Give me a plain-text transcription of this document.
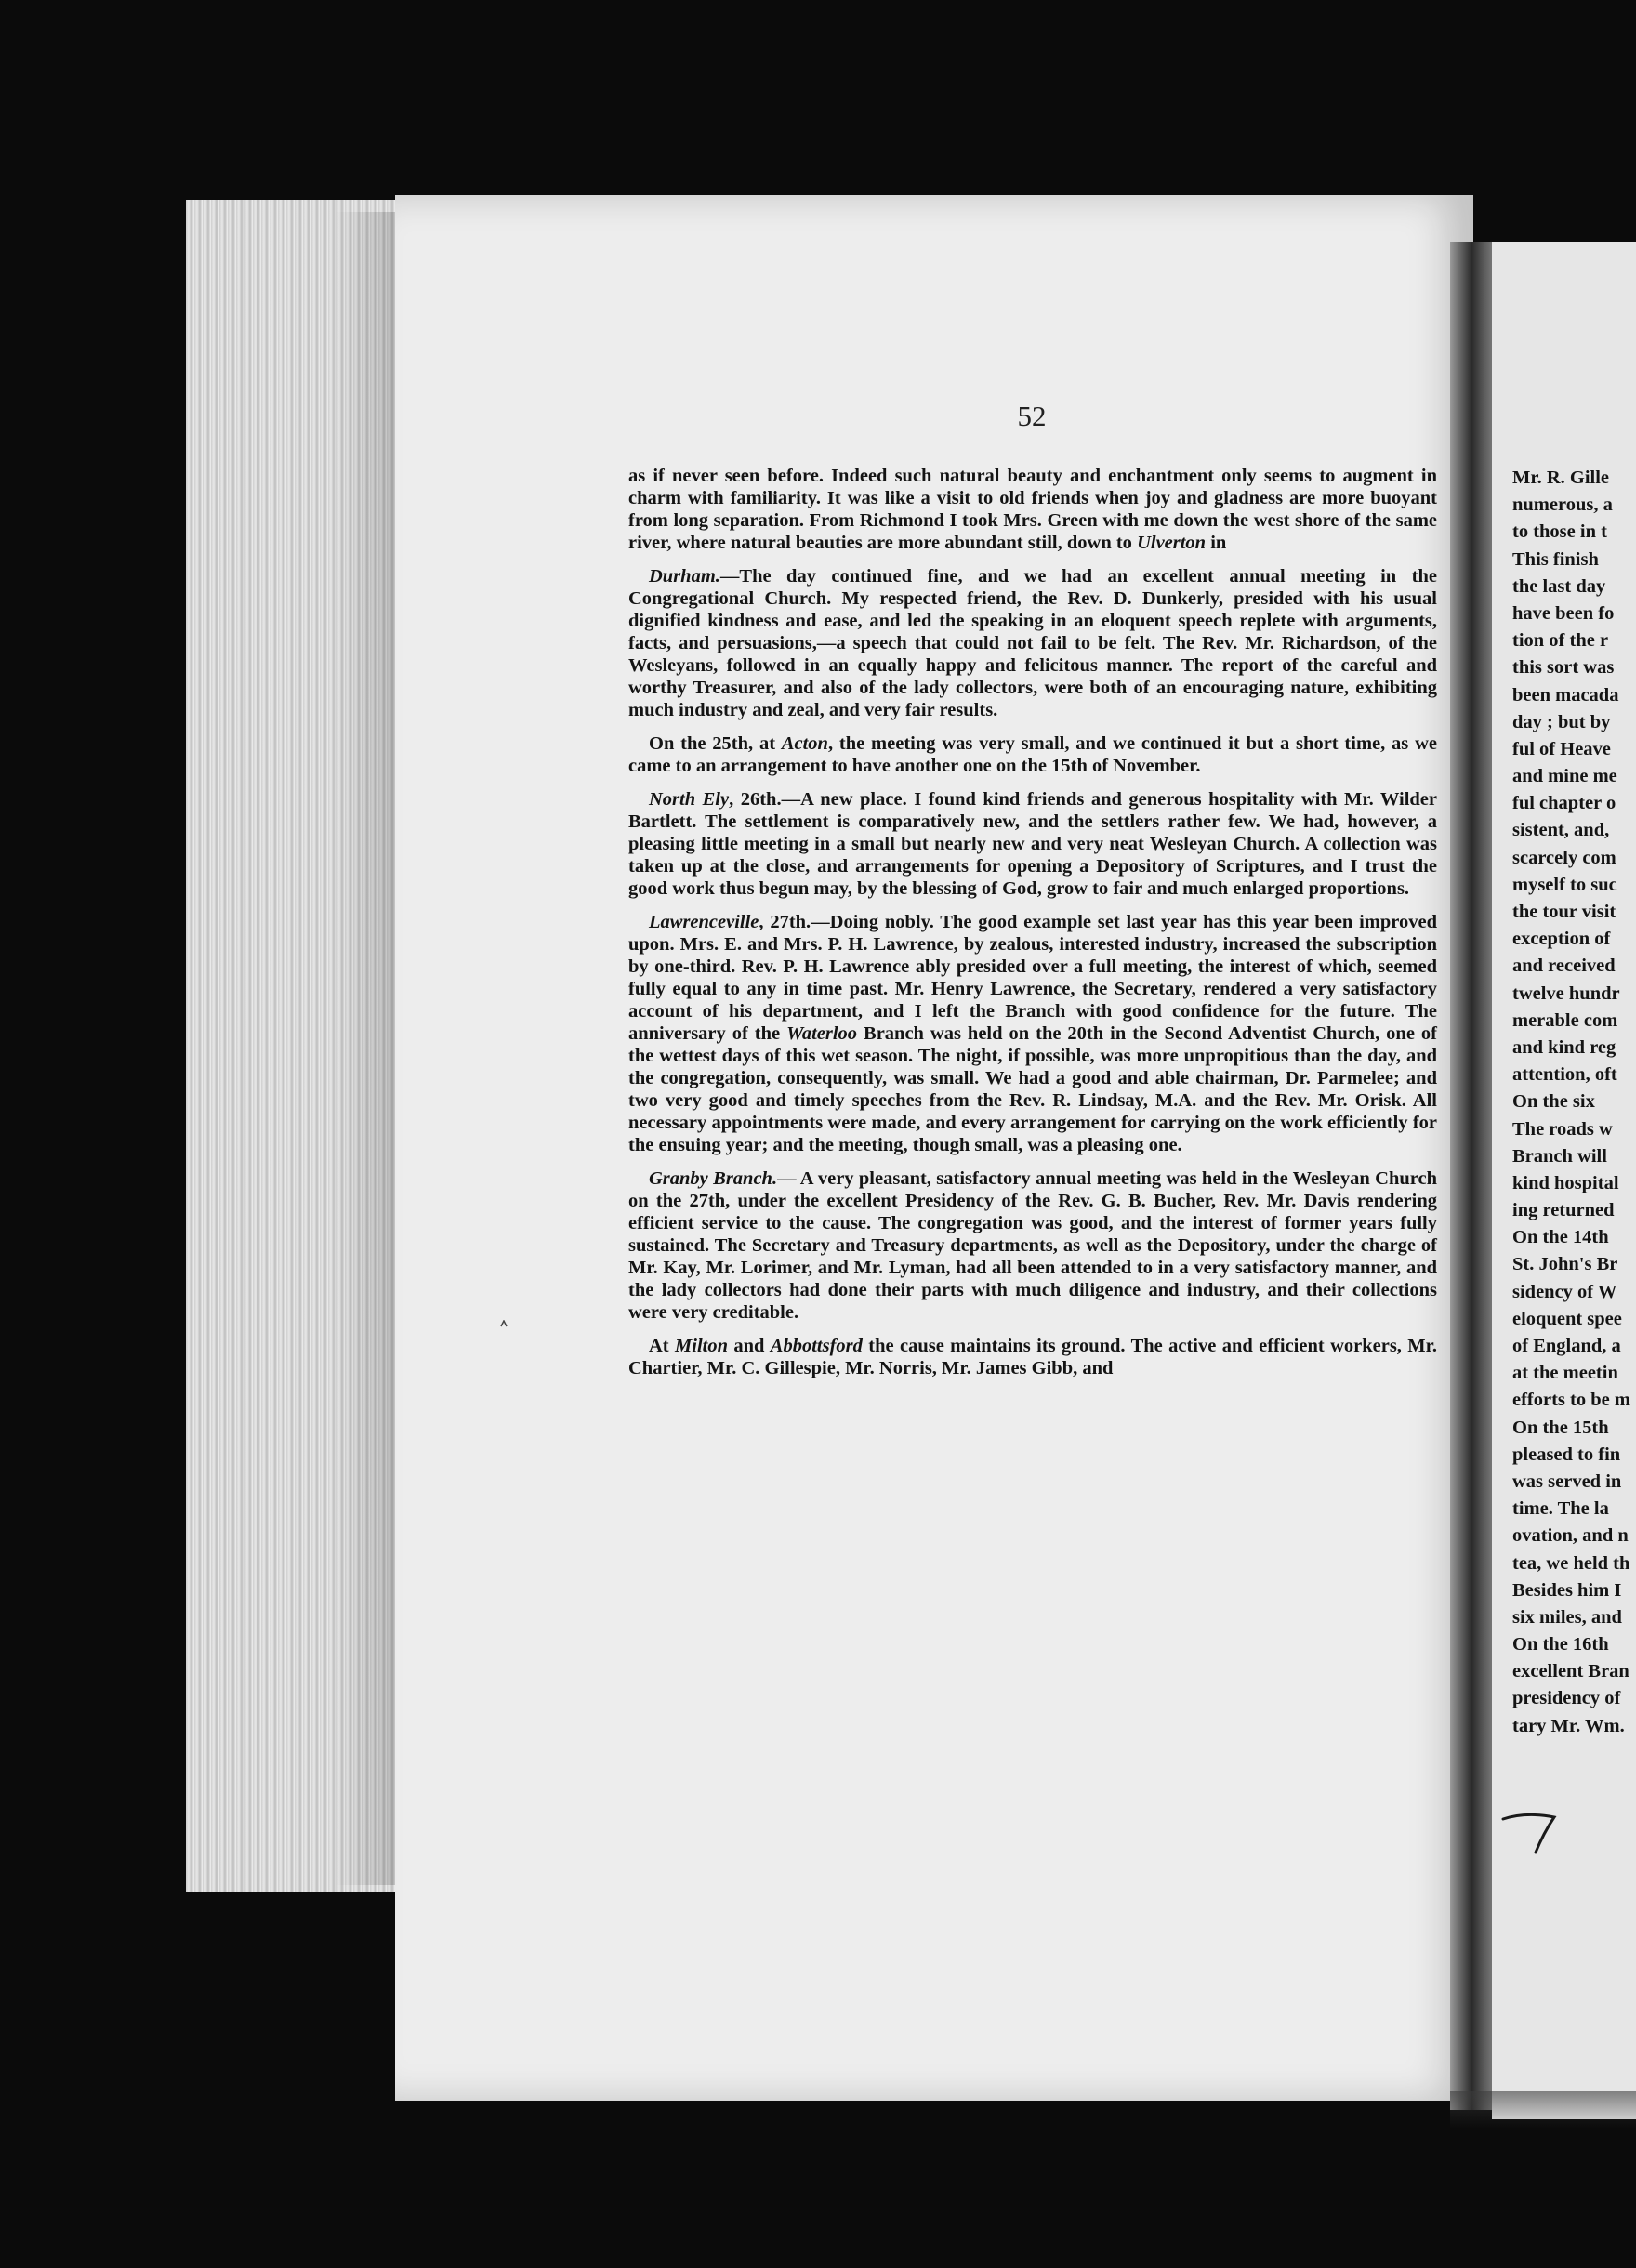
52

as if never seen before. Indeed such natural beauty and enchantment only seems to augment in charm with familiarity. It was like a visit to old friends when joy and gladness are more buoyant from long separation. From Richmond I took Mrs. Green with me down the west shore of the same river, where natural beauties are more abundant still, down to Ulverton in

Durham.—The day continued fine, and we had an excellent annual meeting in the Congregational Church. My respected friend, the Rev. D. Dunkerly, presided with his usual dignified kindness and ease, and led the speaking in an eloquent speech replete with arguments, facts, and persuasions,—a speech that could not fail to be felt. The Rev. Mr. Richardson, of the Wesleyans, followed in an equally happy and felicitous manner. The report of the careful and worthy Treasurer, and also of the lady collectors, were both of an encouraging nature, exhibiting much industry and zeal, and very fair results.

On the 25th, at Acton, the meeting was very small, and we continued it but a short time, as we came to an arrangement to have another one on the 15th of November.

North Ely, 26th.—A new place. I found kind friends and generous hospitality with Mr. Wilder Bartlett. The settlement is comparatively new, and the settlers rather few. We had, however, a pleasing little meeting in a small but nearly new and very neat Wesleyan Church. A collection was taken up at the close, and arrangements for opening a Depository of Scriptures, and I trust the good work thus begun may, by the blessing of God, grow to fair and much enlarged proportions.

Lawrenceville, 27th.—Doing nobly. The good example set last year has this year been improved upon. Mrs. E. and Mrs. P. H. Lawrence, by zealous, interested industry, increased the subscription by one-third. Rev. P. H. Lawrence ably presided over a full meeting, the interest of which, seemed fully equal to any in time past. Mr. Henry Lawrence, the Secretary, rendered a very satisfactory account of his department, and I left the Branch with good confidence for the future. The anniversary of the Waterloo Branch was held on the 20th in the Second Adventist Church, one of the wettest days of this wet season. The night, if possible, was more unpropitious than the day, and the congregation, consequently, was small. We had a good and able chairman, Dr. Parmelee; and two very good and timely speeches from the Rev. R. Lindsay, M.A. and the Rev. Mr. Orisk. All necessary appointments were made, and every arrangement for carrying on the work efficiently for the ensuing year; and the meeting, though small, was a pleasing one.

Granby Branch.— A very pleasant, satisfactory annual meeting was held in the Wesleyan Church on the 27th, under the excellent Presidency of the Rev. G. B. Bucher, Rev. Mr. Davis rendering efficient service to the cause. The congregation was good, and the interest of former years fully sustained. The Secretary and Treasury departments, as well as the Depository, under the charge of Mr. Kay, Mr. Lorimer, and Mr. Lyman, had all been attended to in a very satisfactory manner, and the lady collectors had done their parts with much diligence and industry, and their collections were very creditable.

At Milton and Abbottsford the cause maintains its ground. The active and efficient workers, Mr. Chartier, Mr. C. Gillespie, Mr. Norris, Mr. James Gibb, and

Mr. R. Gille
numerous, a
to those in t
This finish
the last day
have been fo
tion of the r
this sort was
been macada
day ; but by
ful of Heave
and mine me
ful chapter o
sistent, and,
scarcely com
myself to suc
the tour visit
exception of
and received
twelve hundr
merable com
and kind reg
attention, oft
On the six
The roads w
Branch will
kind hospital
ing returned
On the 14th
St. John's Br
sidency of W
eloquent spee
of England, a
at the meetin
efforts to be m
On the 15th
pleased to fin
was served in
time. The la
ovation, and n
tea, we held th
Besides him I
six miles, and
On the 16th
excellent Bran
presidency of
tary Mr. Wm.
